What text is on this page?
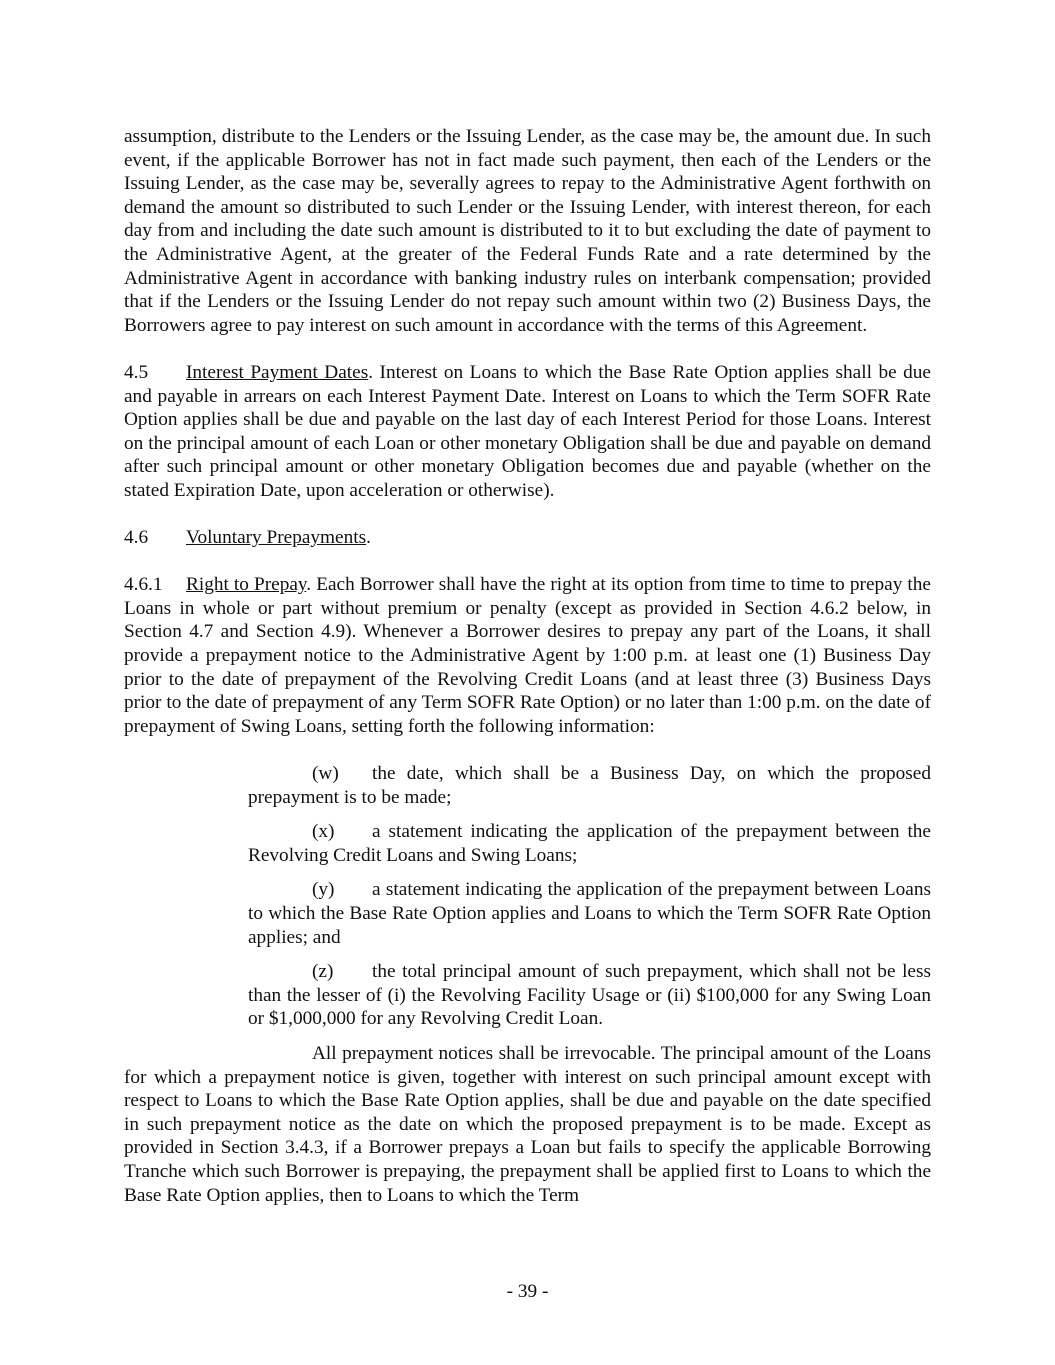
assumption, distribute to the Lenders or the Issuing Lender, as the case may be, the amount due. In such event, if the applicable Borrower has not in fact made such payment, then each of the Lenders or the Issuing Lender, as the case may be, severally agrees to repay to the Administrative Agent forthwith on demand the amount so distributed to such Lender or the Issuing Lender, with interest thereon, for each day from and including the date such amount is distributed to it to but excluding the date of payment to the Administrative Agent, at the greater of the Federal Funds Rate and a rate determined by the Administrative Agent in accordance with banking industry rules on interbank compensation; provided that if the Lenders or the Issuing Lender do not repay such amount within two (2) Business Days, the Borrowers agree to pay interest on such amount in accordance with the terms of this Agreement.

4.5 Interest Payment Dates. Interest on Loans to which the Base Rate Option applies shall be due and payable in arrears on each Interest Payment Date. Interest on Loans to which the Term SOFR Rate Option applies shall be due and payable on the last day of each Interest Period for those Loans. Interest on the principal amount of each Loan or other monetary Obligation shall be due and payable on demand after such principal amount or other monetary Obligation becomes due and payable (whether on the stated Expiration Date, upon acceleration or otherwise).

4.6 Voluntary Prepayments.

4.6.1 Right to Prepay. Each Borrower shall have the right at its option from time to time to prepay the Loans in whole or part without premium or penalty (except as provided in Section 4.6.2 below, in Section 4.7 and Section 4.9). Whenever a Borrower desires to prepay any part of the Loans, it shall provide a prepayment notice to the Administrative Agent by 1:00 p.m. at least one (1) Business Day prior to the date of prepayment of the Revolving Credit Loans (and at least three (3) Business Days prior to the date of prepayment of any Term SOFR Rate Option) or no later than 1:00 p.m. on the date of prepayment of Swing Loans, setting forth the following information:

(w) the date, which shall be a Business Day, on which the proposed prepayment is to be made;

(x) a statement indicating the application of the prepayment between the Revolving Credit Loans and Swing Loans;

(y) a statement indicating the application of the prepayment between Loans to which the Base Rate Option applies and Loans to which the Term SOFR Rate Option applies; and

(z) the total principal amount of such prepayment, which shall not be less than the lesser of (i) the Revolving Facility Usage or (ii) $100,000 for any Swing Loan or $1,000,000 for any Revolving Credit Loan.

All prepayment notices shall be irrevocable. The principal amount of the Loans for which a prepayment notice is given, together with interest on such principal amount except with respect to Loans to which the Base Rate Option applies, shall be due and payable on the date specified in such prepayment notice as the date on which the proposed prepayment is to be made. Except as provided in Section 3.4.3, if a Borrower prepays a Loan but fails to specify the applicable Borrowing Tranche which such Borrower is prepaying, the prepayment shall be applied first to Loans to which the Base Rate Option applies, then to Loans to which the Term

- 39 -
